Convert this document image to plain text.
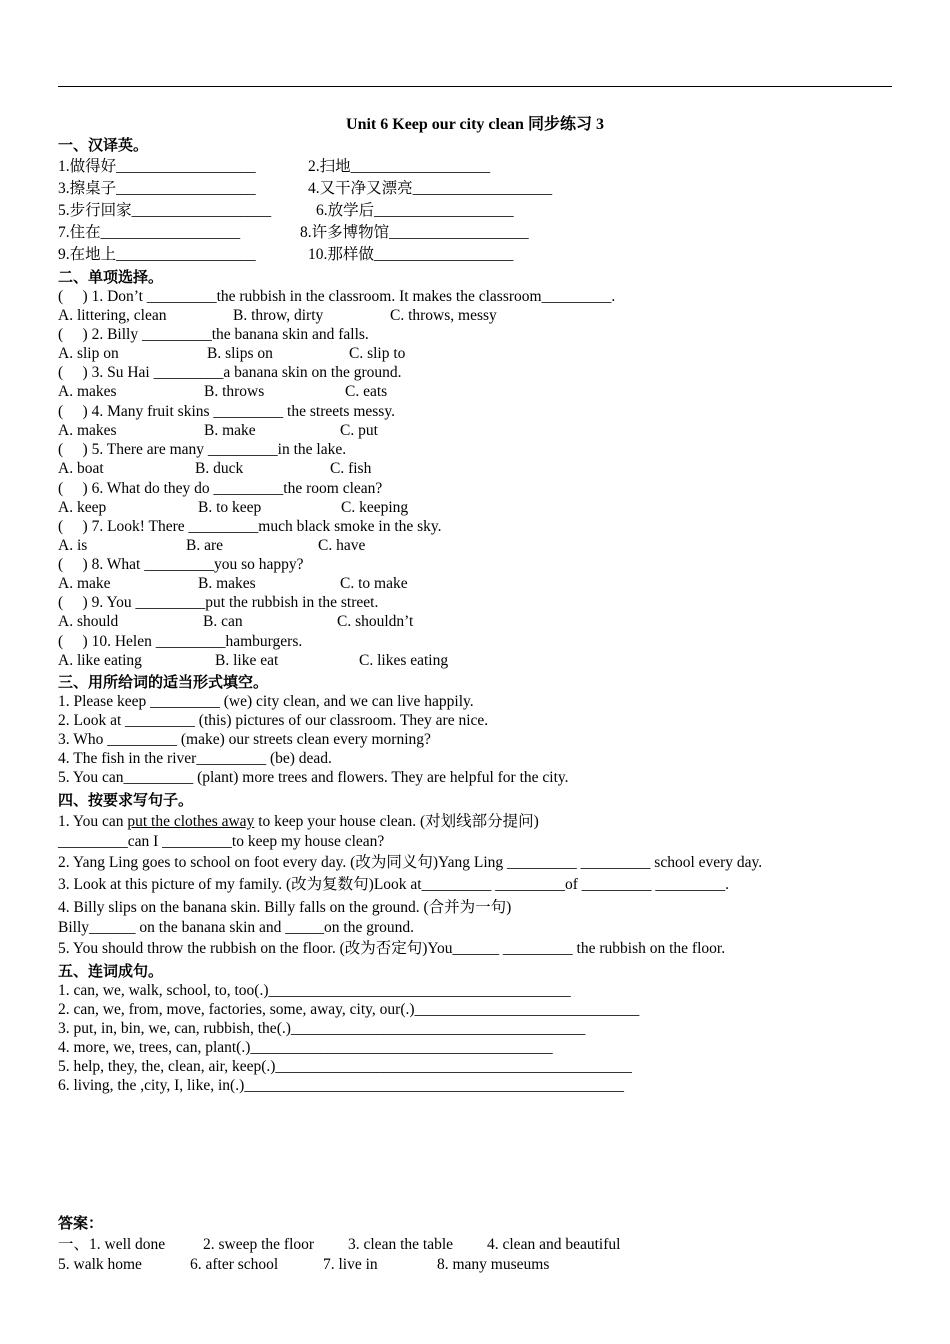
Unit 6 Keep our city clean 同步练习 3
一、汉译英。
1.做得好__________________	2.扫地__________________
3.擦桌子__________________	4.又干净又漂亮__________________
5.步行回家__________________	6.放学后__________________
7.住在__________________	8.许多博物馆__________________
9.在地上__________________	10.那样做__________________
二、单项选择。
(     ) 1. Don’t _________the rubbish in the classroom. It makes the classroom_________.
A. littering, clean	B. throw, dirty	C. throws, messy
(     ) 2. Billy _________the banana skin and falls.
A. slip on	B. slips on	C. slip to
(     ) 3. Su Hai _________a banana skin on the ground.
A. makes	B. throws	C. eats
(     ) 4. Many fruit skins _________ the streets messy.
A. makes	B. make	C. put
(     ) 5. There are many _________in the lake.
A. boat	B. duck	C. fish
(     ) 6. What do they do _________the room clean?
A. keep	B. to keep	C. keeping
(     ) 7. Look! There _________much black smoke in the sky.
A. is	B. are	C. have
(     ) 8. What _________you so happy?
A. make	B. makes	C. to make
(     ) 9. You _________put the rubbish in the street.
A. should	B. can	C. shouldn’t
(     ) 10. Helen _________hamburgers.
A. like eating	B. like eat	C. likes eating
三、用所给词的适当形式填空。
1. Please keep _________ (we) city clean, and we can live happily.
2. Look at _________ (this) pictures of our classroom. They are nice.
3. Who _________ (make) our streets clean every morning?
4. The fish in the river_________ (be) dead.
5. You can_________ (plant) more trees and flowers. They are helpful for the city.
四、按要求写句子。
1. You can put the clothes away to keep your house clean. (对划线部分提问)
_________can I _________to keep my house clean?
2. Yang Ling goes to school on foot every day. (改为同义句)Yang Ling _________ _________ school every day.
3. Look at this picture of my family. (改为复数句)Look at_________ _________of _________ _________.
4. Billy slips on the banana skin. Billy falls on the ground. (合并为一句)
Billy______ on the banana skin and _____on the ground.
5. You should throw the rubbish on the floor. (改为否定句)You______ _________ the rubbish on the floor.
五、连词成句。
1. can, we, walk, school, to, too(.)_______________________________________
2. can, we, from, move, factories, some, away, city, our(.)_____________________________
3. put, in, bin, we, can, rubbish, the(.)______________________________________
4. more, we, trees, can, plant(.)_______________________________________
5. help, they, the, clean, air, keep(.)______________________________________________
6. living, the ,city, I, like, in(.)_________________________________________________
答案：
一、1. well done 2. sweep the floor 3. clean the table 4. clean and beautiful
5. walk home	6. after school	7. live in	8. many museums
